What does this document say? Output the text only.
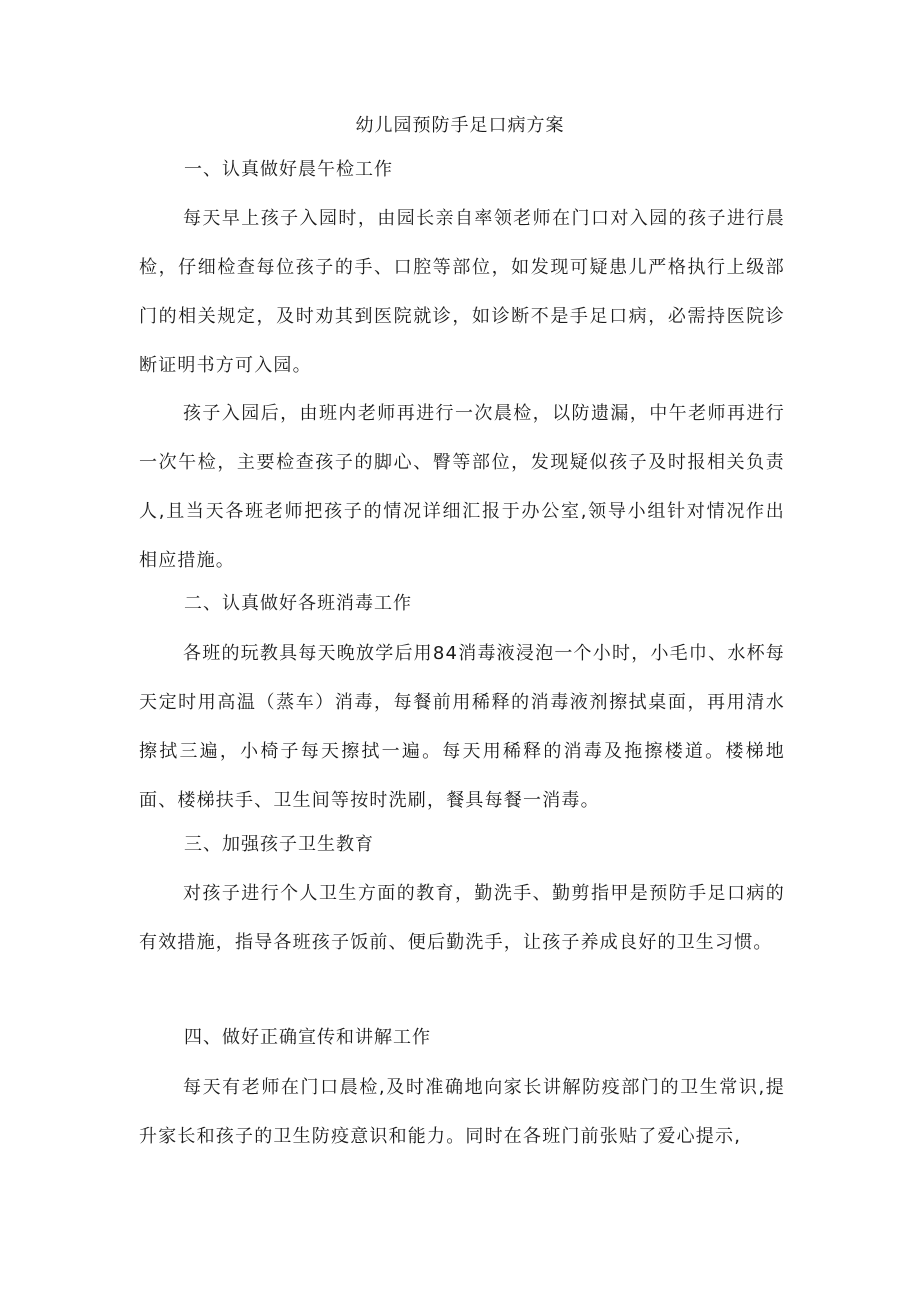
幼儿园预防手足口病方案

一、认真做好晨午检工作

每天早上孩子入园时，由园长亲自率领老师在门口对入园的孩子进行晨检，仔细检查每位孩子的手、口腔等部位，如发现可疑患儿严格执行上级部门的相关规定，及时劝其到医院就诊，如诊断不是手足口病，必需持医院诊断证明书方可入园。

孩子入园后，由班内老师再进行一次晨检，以防遗漏，中午老师再进行一次午检，主要检查孩子的脚心、臀等部位，发现疑似孩子及时报相关负责人,且当天各班老师把孩子的情况详细汇报于办公室,领导小组针对情况作出相应措施。

二、认真做好各班消毒工作

各班的玩教具每天晚放学后用84消毒液浸泡一个小时，小毛巾、水杯每天定时用高温（蒸车）消毒，每餐前用稀释的消毒液剂擦拭桌面，再用清水擦拭三遍，小椅子每天擦拭一遍。每天用稀释的消毒及拖擦楼道。楼梯地面、楼梯扶手、卫生间等按时洗刷，餐具每餐一消毒。

三、加强孩子卫生教育

对孩子进行个人卫生方面的教育，勤洗手、勤剪指甲是预防手足口病的有效措施，指导各班孩子饭前、便后勤洗手，让孩子养成良好的卫生习惯。

四、做好正确宣传和讲解工作

每天有老师在门口晨检,及时准确地向家长讲解防疫部门的卫生常识,提升家长和孩子的卫生防疫意识和能力。同时在各班门前张贴了爱心提示,
